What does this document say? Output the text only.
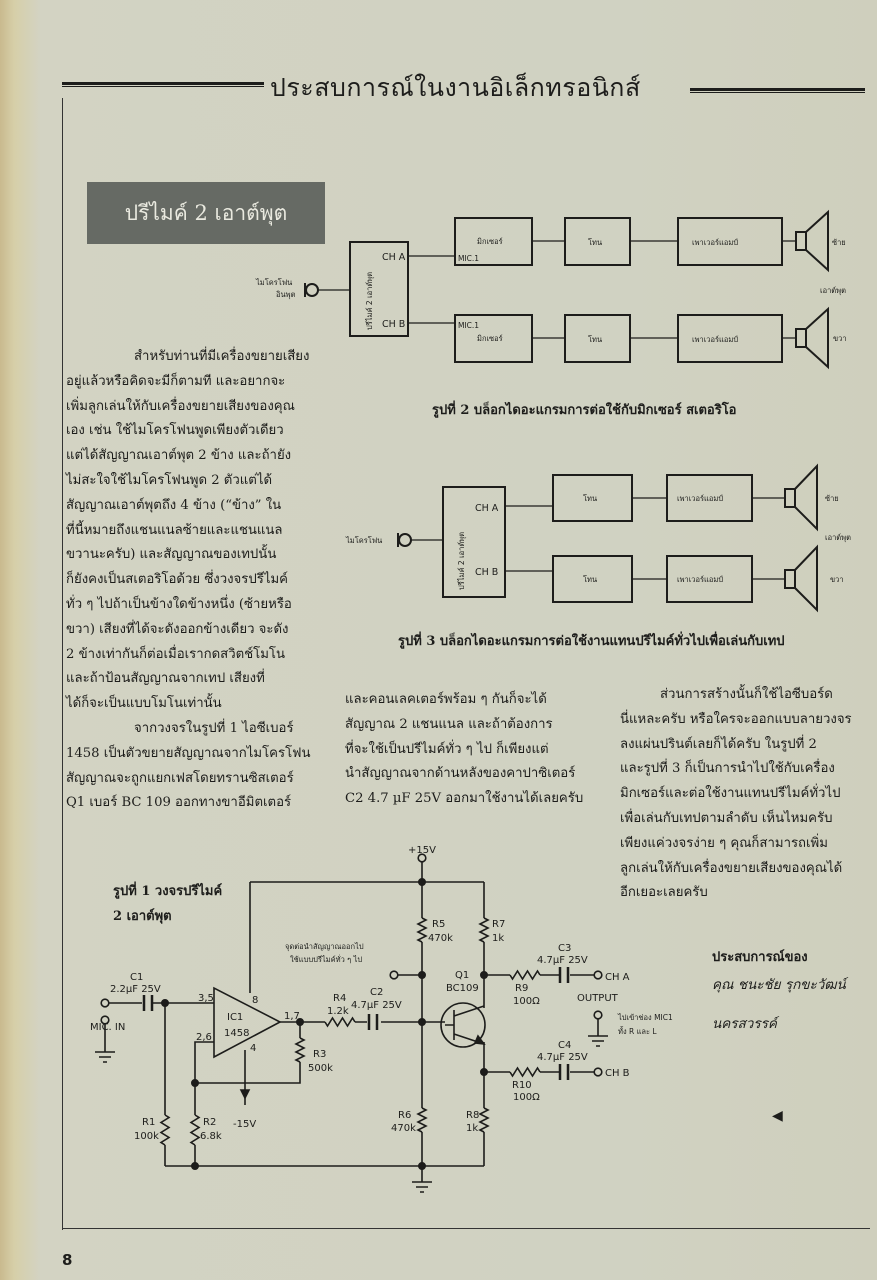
ประสบการณ์ในงานอิเล็กทรอนิกส์
ปรีไมค์ 2 เอาต์พุต
สำหรับท่านที่มีเครื่องขยายเสียง
อยู่แล้วหรือคิดจะมีก็ตามที และอยากจะ
เพิ่มลูกเล่นให้กับเครื่องขยายเสียงของคุณ
เอง เช่น ใช้ไมโครโฟนพูดเพียงตัวเดียว
แต่ได้สัญญาณเอาต์พุต 2 ข้าง และถ้ายัง
ไม่สะใจใช้ไมโครโฟนพูด 2 ตัวแต่ได้
สัญญาณเอาต์พุตถึง 4 ข้าง (“ข้าง” ใน
ที่นี้หมายถึงแชนแนลซ้ายและแชนแนล
ขวานะครับ) และสัญญาณของเทปนั้น
ก็ยังคงเป็นสเตอริโอด้วย ซึ่งวงจรปรีไมค์
ทั่ว ๆ ไปถ้าเป็นข้างใดข้างหนึ่ง (ซ้ายหรือ
ขวา) เสียงที่ได้จะดังออกข้างเดียว จะดัง
2 ข้างเท่ากันก็ต่อเมื่อเรากดสวิตช์โมโน
และถ้าป้อนสัญญาณจากเทป เสียงที่
ได้ก็จะเป็นแบบโมโนเท่านั้น
จากวงจรในรูปที่ 1 ไอซีเบอร์
1458 เป็นตัวขยายสัญญาณจากไมโครโฟน
สัญญาณจะถูกแยกเฟสโดยทรานซิสเตอร์
Q1 เบอร์ BC 109 ออกทางขาอีมิตเตอร์
และคอนเลคเตอร์พร้อม ๆ กันก็จะได้
สัญญาณ 2 แชนแนล และถ้าต้องการ
ที่จะใช้เป็นปรีไมค์ทั่ว ๆ ไป ก็เพียงแต่
นำสัญญาณจากด้านหลังของคาปาซิเตอร์
C2 4.7 µF 25V ออกมาใช้งานได้เลยครับ
ส่วนการสร้างนั้นก็ใช้ไอซีบอร์ด
นี่แหละครับ หรือใครจะออกแบบลายวงจร
ลงแผ่นปรินต์เลยก็ได้ครับ ในรูปที่ 2
และรูปที่ 3 ก็เป็นการนำไปใช้กับเครื่อง
มิกเซอร์และต่อใช้งานแทนปรีไมค์ทั่วไป
เพื่อเล่นกับเทปตามลำดับ เห็นไหมครับ
เพียงแค่วงจรง่าย ๆ คุณก็สามารถเพิ่ม
ลูกเล่นให้กับเครื่องขยายเสียงของคุณได้
อีกเยอะเลยครับ
ประสบการณ์ของ
คุณ ชนะชัย รุกขะวัฒน์
นครสวรรค์
◀
8
ไมโครโฟน
อินพุต	ปรีไมค์ 2 เอาต์พุต
CH A
CH B
มิกเซอร์
MIC.1
MIC.1
มิกเซอร์
โทน
โทน
เพาเวอร์แอมป์
เพาเวอร์แอมป์
ซ้าย
เอาต์พุต
ขวา
รูปที่ 2 บล็อกไดอะแกรมการต่อใช้กับมิกเซอร์ สเตอริโอ
ไมโครโฟน	ปรีไมค์ 2 เอาต์พุต
CH A
CH B
โทน
โทน
เพาเวอร์แอมป์
เพาเวอร์แอมป์
ซ้าย
เอาต์พุต
ขวา
รูปที่ 3 บล็อกไดอะแกรมการต่อใช้งานแทนปรีไมค์ทั่วไปเพื่อเล่นกับเทป
รูปที่ 1 วงจรปรีไมค์
2 เอาต์พุต
+15V
-15V
MIC. IN
C1
2.2µF 25V
IC1
1458
3,5
2,6
1,7
8
4
R1
100k
R2
6.8k
R3
500k
R4
1.2k
C2
4.7µF 25V
R5
470k
R6
470k
R7
1k
R8
1k
R9
100Ω
R10
100Ω
C3
4.7µF 25V
C4
4.7µF 25V
Q1
BC109
CH A
CH B
OUTPUT
จุดต่อนำสัญญาณออกไป
ใช้แบบปรีไมค์ทั่ว ๆ ไป
ไปเข้าช่อง MIC1
ทั้ง R และ L
